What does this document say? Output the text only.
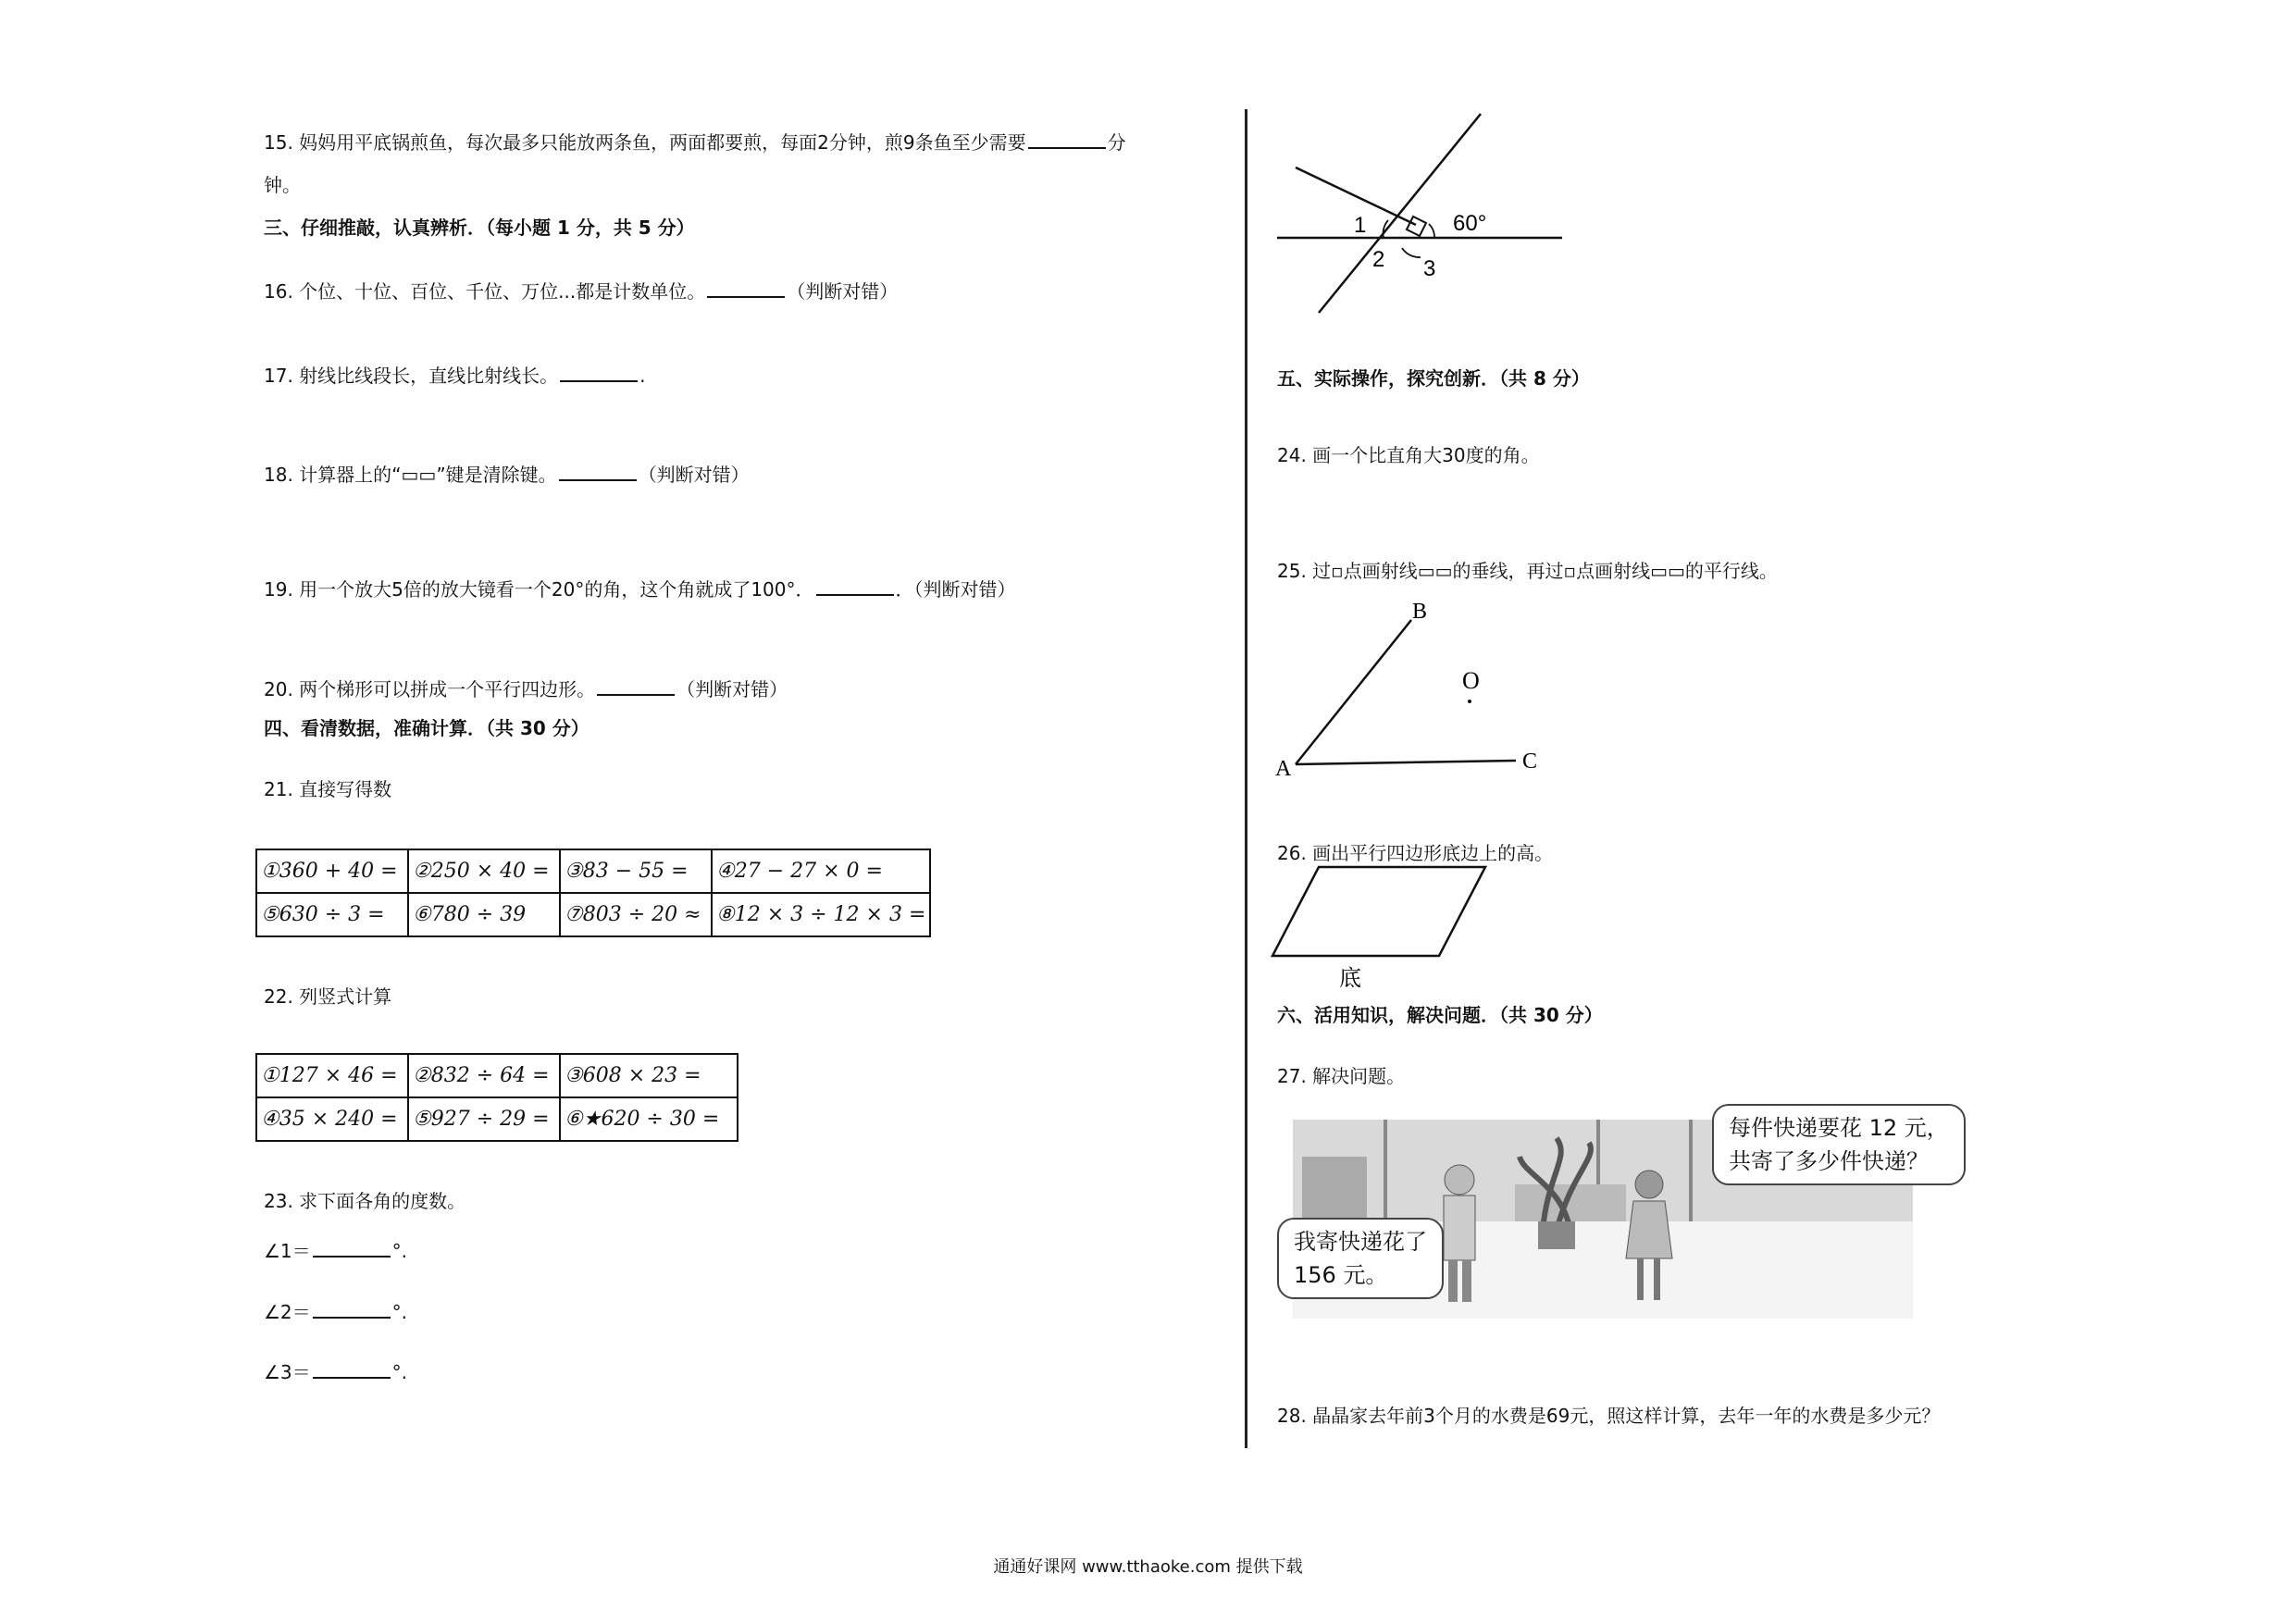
15. 妈妈用平底锅煎鱼，每次最多只能放两条鱼，两面都要煎，每面2分钟，煎9条鱼至少需要	分
钟。
三、仔细推敲，认真辨析．（每小题 1 分，共 5 分）
16. 个位、十位、百位、千位、万位...都是计数单位。	（判断对错）
17. 射线比线段长，直线比射线长。	.
18. 计算器上的“▭▭”键是清除键。	（判断对错）
19. 用一个放大5倍的放大镜看一个20°的角，这个角就成了100°．	．（判断对错）
20. 两个梯形可以拼成一个平行四边形。	（判断对错）
四、看清数据，准确计算．（共 30 分）
21. 直接写得数
①360 + 40 =	②250 × 40 =	③83 − 55 =	④27 − 27 × 0 =
⑤630 ÷ 3 =	⑥780 ÷ 39	⑦803 ÷ 20 ≈	⑧12 × 3 ÷ 12 × 3 =
22. 列竖式计算
①127 × 46 =	②832 ÷ 64 =	③608 × 23 =
④35 × 240 =	⑤927 ÷ 29 =	⑥★620 ÷ 30 =
23. 求下面各角的度数。
∠1＝	°.
∠2＝	°.
∠3＝	°.
1
2 3
60°
五、实际操作，探究创新．（共 8 分）
24. 画一个比直角大30度的角。
25. 过▫点画射线▭▭的垂线，再过▫点画射线▭▭的平行线。
A
B
C
O
26. 画出平行四边形底边上的高。
底
六、活用知识，解决问题．（共 30 分）
27. 解决问题。
每件快递要花 12 元，
共寄了多少件快递？
我寄快递花了
156 元。
28. 晶晶家去年前3个月的水费是69元，照这样计算，去年一年的水费是多少元？
通通好课网 www.tthaoke.com 提供下载
